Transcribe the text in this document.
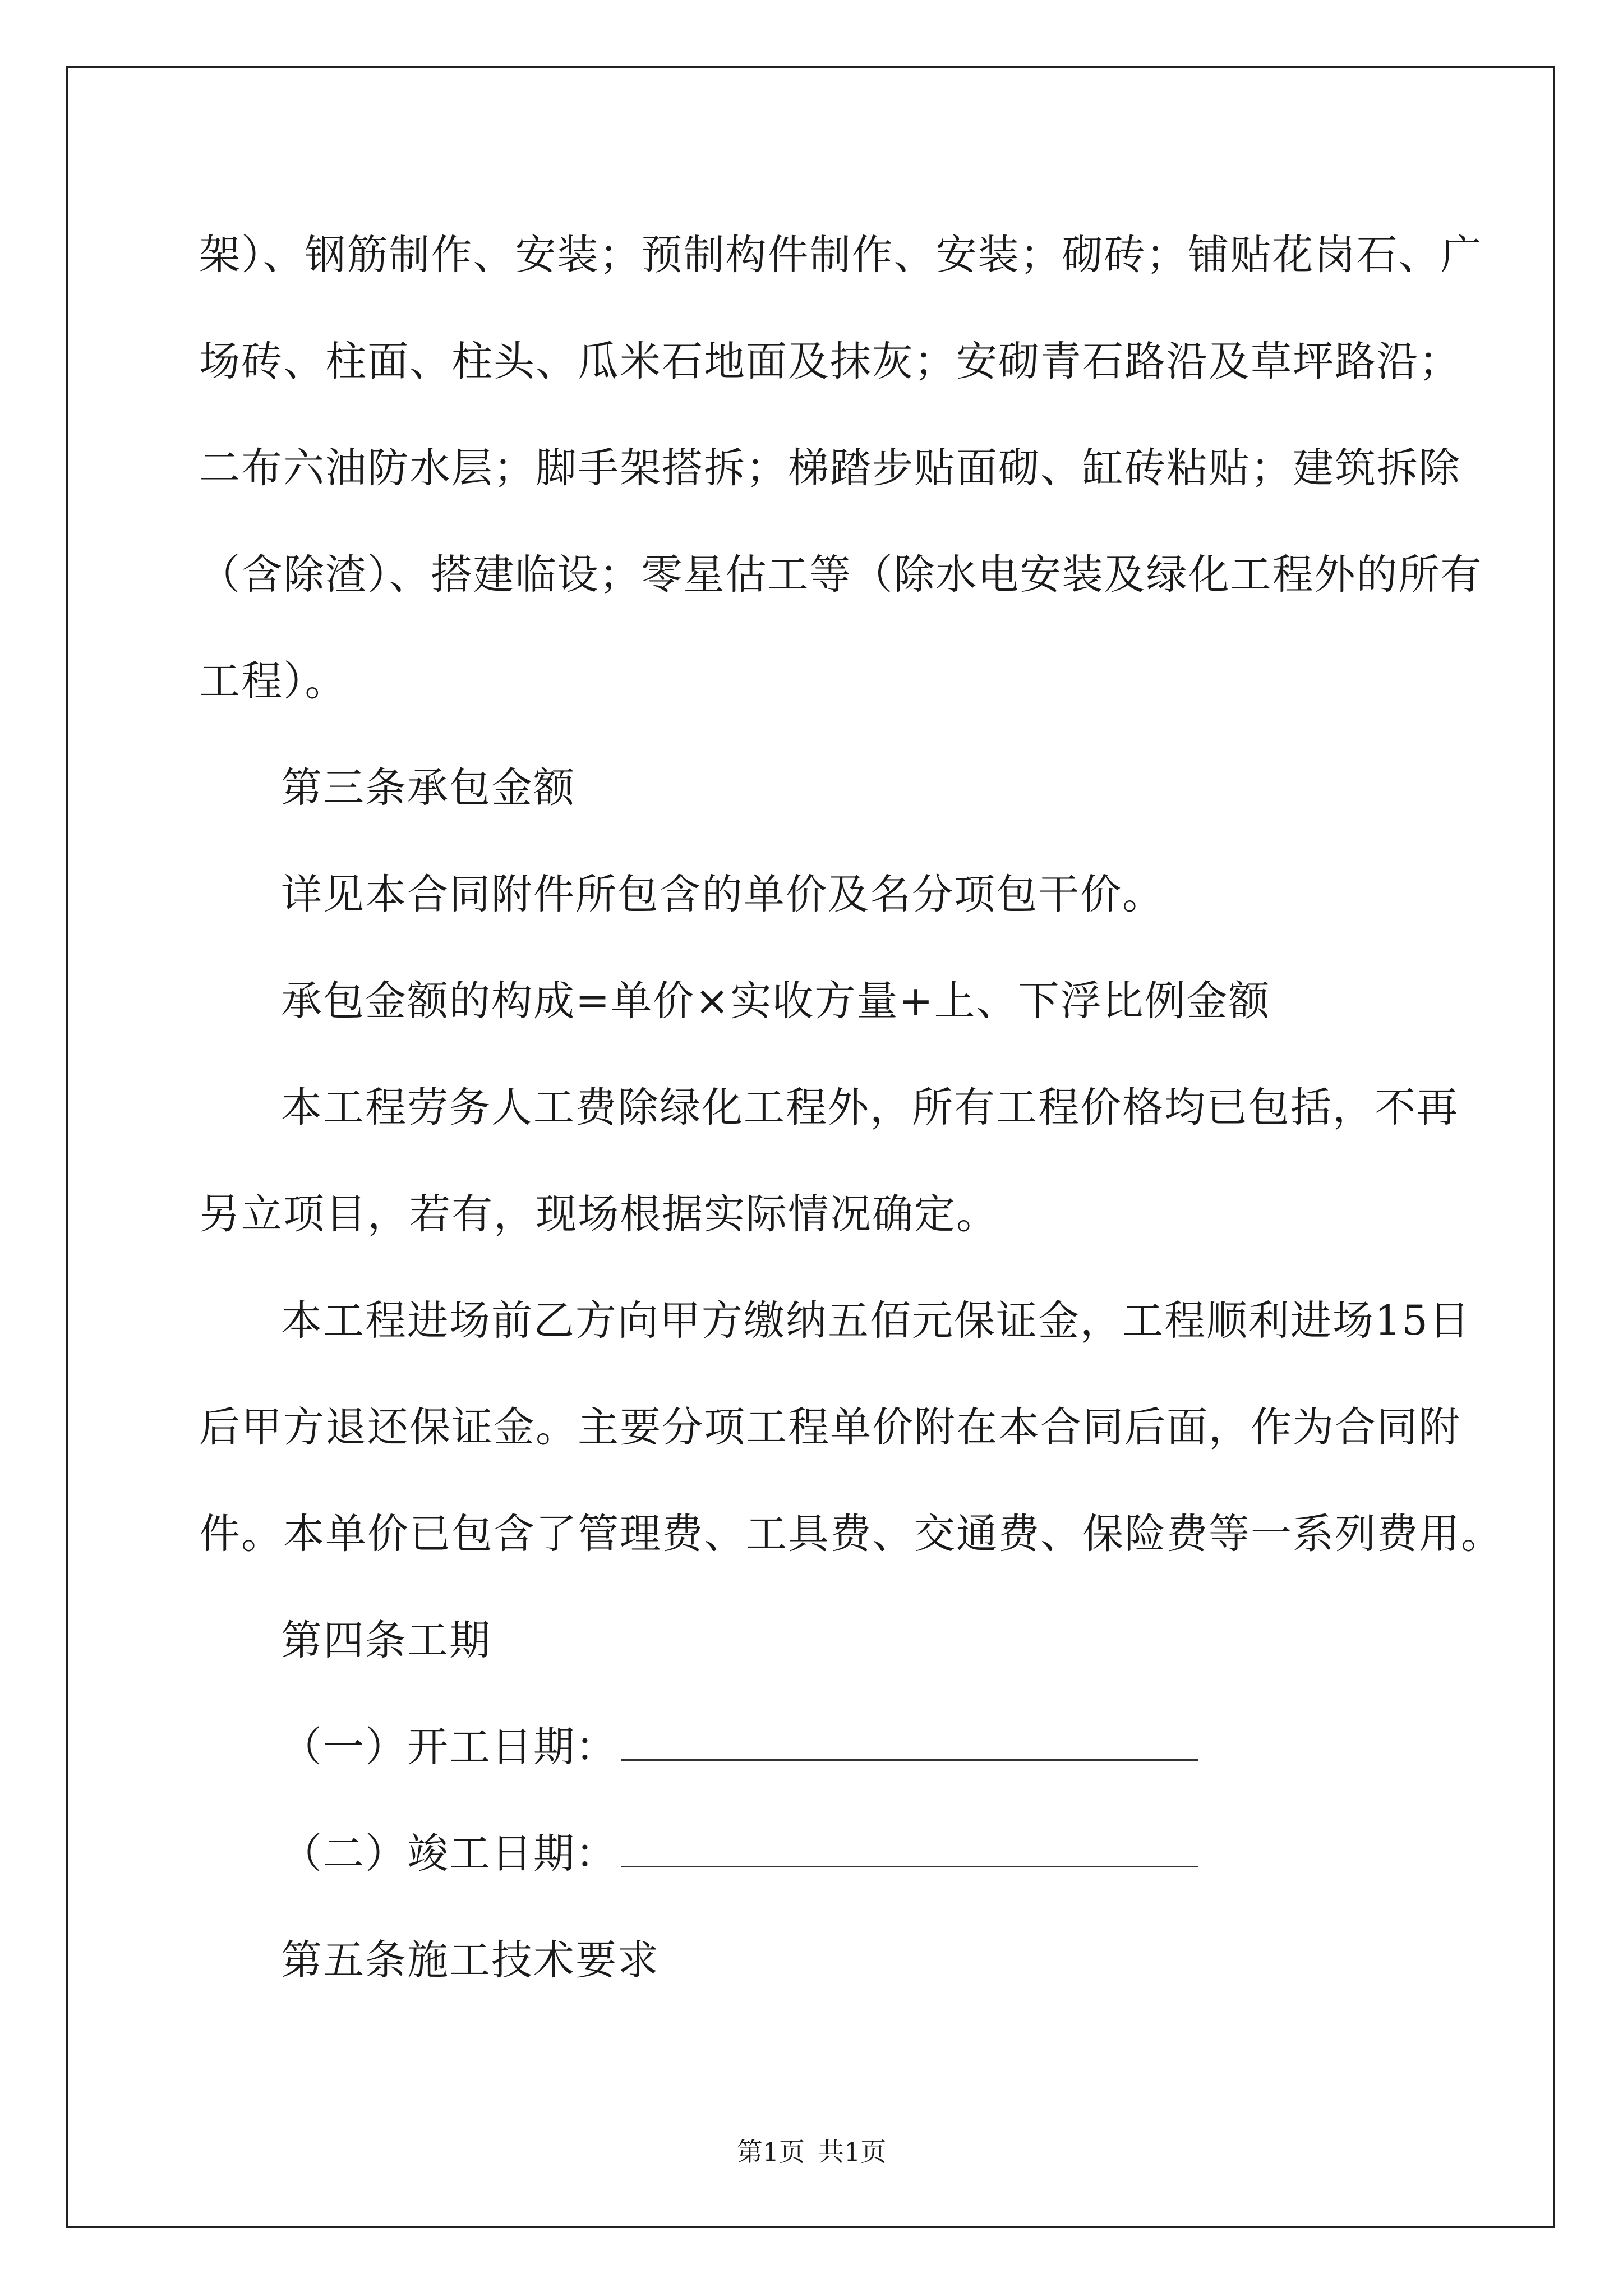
架）、钢筋制作、安装；预制构件制作、安装；砌砖；铺贴花岗石、广
场砖、柱面、柱头、瓜米石地面及抹灰；安砌青石路沿及草坪路沿；
二布六油防水层；脚手架搭拆；梯踏步贴面砌、缸砖粘贴；建筑拆除
（含除渣）、搭建临设；零星估工等（除水电安装及绿化工程外的所有
工程）。
第三条承包金额
详见本合同附件所包含的单价及名分项包干价。
承包金额的构成=单价×实收方量+上、下浮比例金额
本工程劳务人工费除绿化工程外，所有工程价格均已包括，不再
另立项目，若有，现场根据实际情况确定。
本工程进场前乙方向甲方缴纳五佰元保证金，工程顺利进场15日
后甲方退还保证金。主要分项工程单价附在本合同后面，作为合同附
件。本单价已包含了管理费、工具费、交通费、保险费等一系列费用。
第四条工期
（一）开工日期：
（二）竣工日期：
第五条施工技术要求
第1页 共1页
